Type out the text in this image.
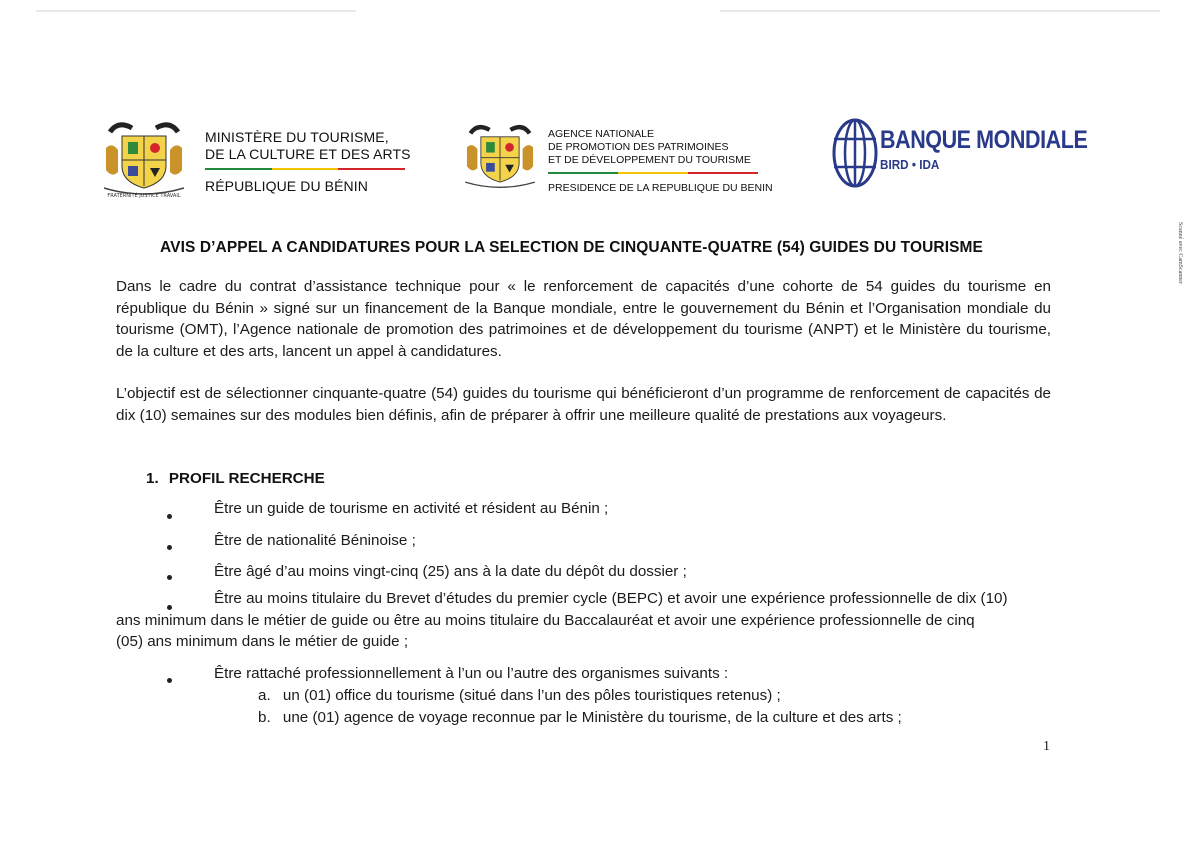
FRATERNITÉ JUSTICE TRAVAIL
MINISTÈRE DU TOURISME,
DE LA CULTURE ET DES ARTS
RÉPUBLIQUE DU BÉNIN
AGENCE NATIONALE
DE PROMOTION DES PATRIMOINES
ET DE DÉVELOPPEMENT DU TOURISME
PRESIDENCE DE LA REPUBLIQUE DU BENIN
BANQUE MONDIALE
BIRD • IDA
AVIS D’APPEL A CANDIDATURES POUR LA SELECTION DE CINQUANTE-QUATRE (54) GUIDES DU TOURISME
Dans le cadre du contrat d’assistance technique pour « le renforcement de capacités d’une cohorte de 54 guides du tourisme en république du Bénin » signé sur un financement de la Banque mondiale, entre le gouvernement du Bénin et l’Organisation mondiale du tourisme (OMT), l’Agence nationale de promotion des patrimoines et de développement du tourisme (ANPT) et le Ministère du tourisme, de la culture et des arts, lancent un appel à candidatures.
L’objectif est de sélectionner cinquante-quatre (54) guides du tourisme qui bénéficieront d’un programme de renforcement de capacités de dix (10) semaines sur des modules bien définis, afin de préparer à offrir une meilleure qualité de prestations aux voyageurs.
1. PROFIL RECHERCHE
Être un guide de tourisme en activité et résident au Bénin ;
Être de nationalité Béninoise ;
Être âgé d’au moins vingt-cinq (25) ans à la date du dépôt du dossier ;
Être au moins titulaire du Brevet d’études du premier cycle (BEPC) et avoir une expérience professionnelle de dix (10)
ans minimum dans le métier de guide ou être au moins titulaire du Baccalauréat et avoir une expérience professionnelle de cinq
(05) ans minimum dans le métier de guide ;
Être rattaché professionnellement à l’un ou l’autre des organismes suivants :
a. un (01) office du tourisme (situé dans l’un des pôles touristiques retenus) ;
b. une (01) agence de voyage reconnue par le Ministère du tourisme, de la culture et des arts ;
1
Scanné avec CamScanner
